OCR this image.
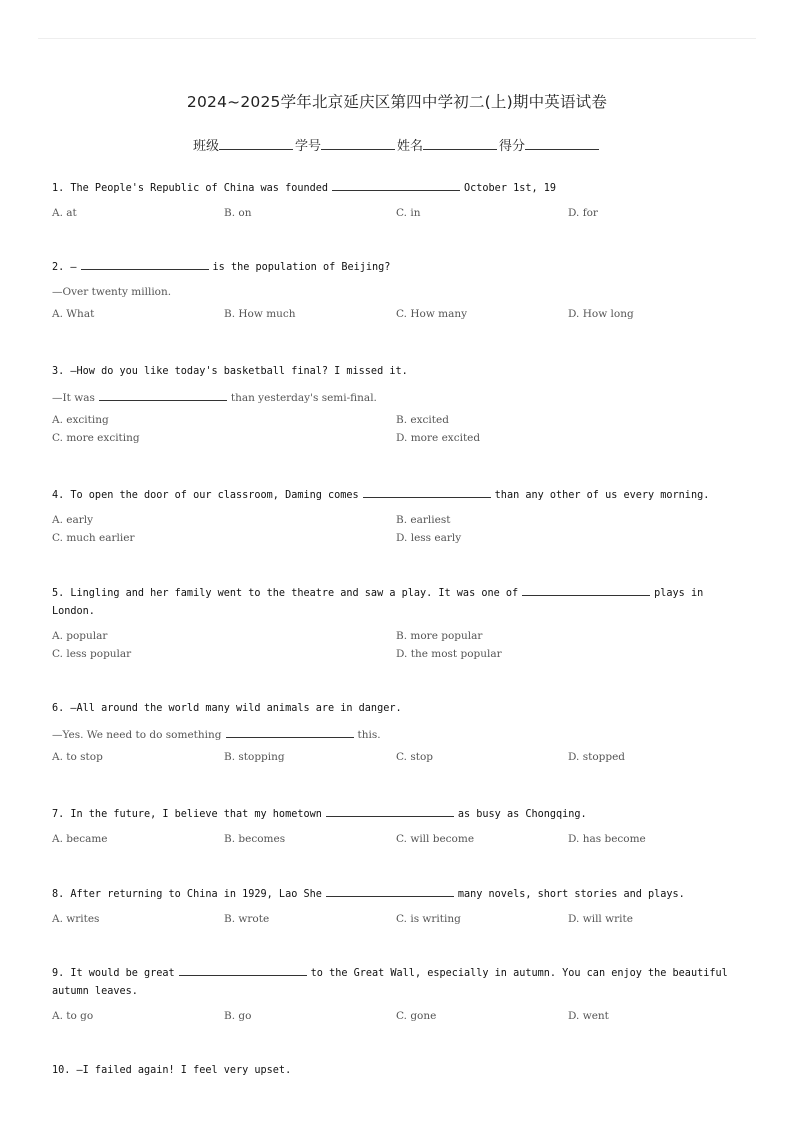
2024~2025学年北京延庆区第四中学初二(上)期中英语试卷
班级	学号	姓名	得分
1. The People's Republic of China was founded	October 1st, 19
A. at	B. on	C. in	D. for
2. —	is the population of Beijing?
—Over twenty million.
A. What	B. How much	C. How many	D. How long
3. —How do you like today's basketball final? I missed it.
—It was	than yesterday's semi-final.
A. exciting	B. excited
C. more exciting	D. more excited
4. To open the door of our classroom, Daming comes	than any other of us every morning.
A. early	B. earliest
C. much earlier	D. less early
5. Lingling and her family went to the theatre and saw a play. It was one of	plays in London.
A. popular	B. more popular
C. less popular	D. the most popular
6. —All around the world many wild animals are in danger.
—Yes. We need to do something	this.
A. to stop	B. stopping	C. stop	D. stopped
7. In the future, I believe that my hometown	as busy as Chongqing.
A. became	B. becomes	C. will become	D. has become
8. After returning to China in 1929, Lao She	many novels, short stories and plays.
A. writes	B. wrote	C. is writing	D. will write
9. It would be great	to the Great Wall, especially in autumn. You can enjoy the beautiful autumn leaves.
A. to go	B. go	C. gone	D. went
10. —I failed again! I feel very upset.
